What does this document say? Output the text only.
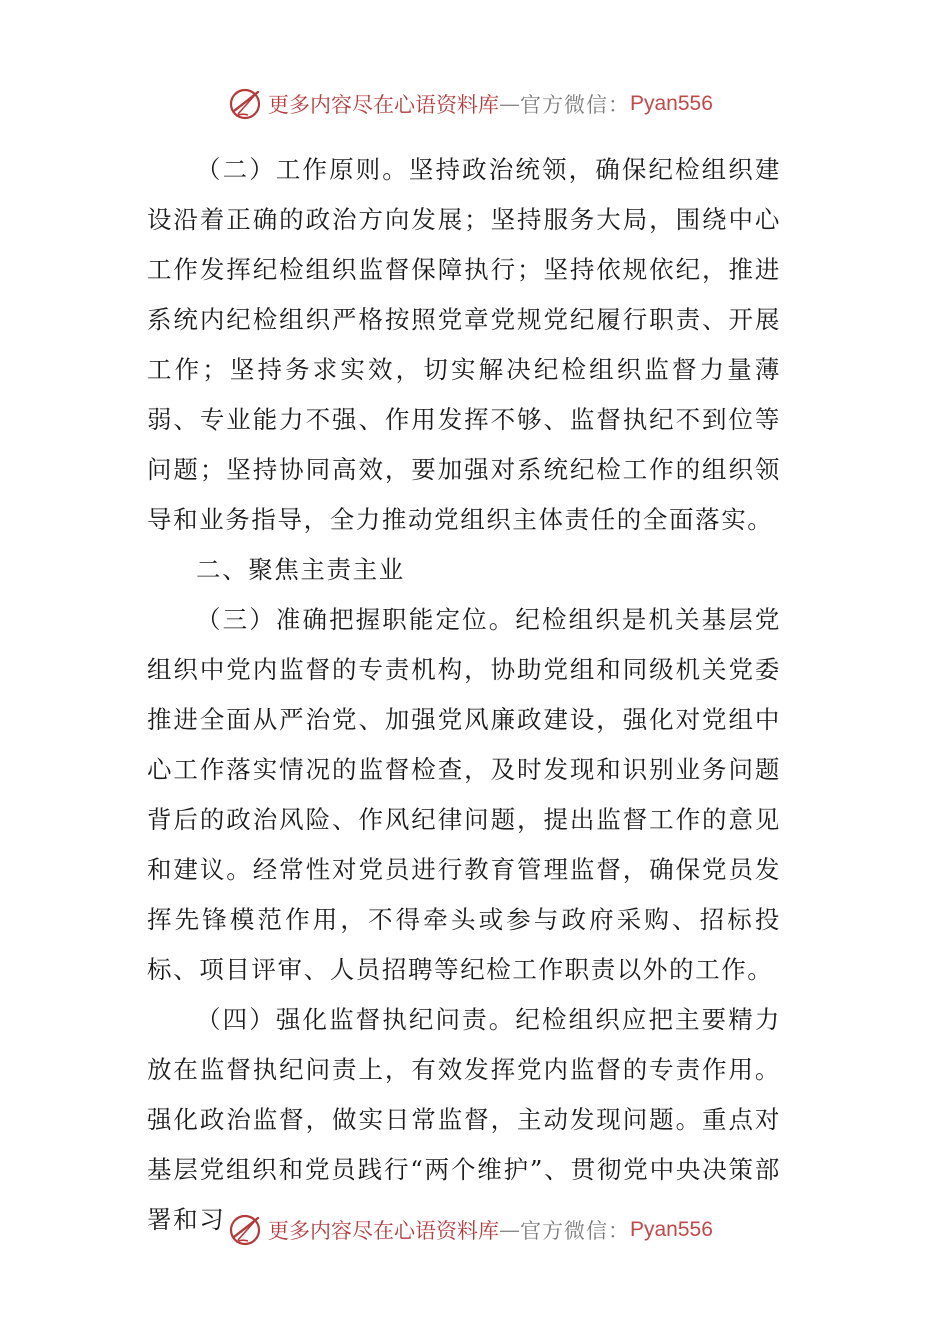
更多内容尽在心语资料库 — 官方微信： Pyan556

（二）工作原则。坚持政治统领，确保纪检组织建设沿着正确的政治方向发展；坚持服务大局，围绕中心工作发挥纪检组织监督保障执行；坚持依规依纪，推进系统内纪检组织严格按照党章党规党纪履行职责、开展工作；坚持务求实效，切实解决纪检组织监督力量薄弱、专业能力不强、作用发挥不够、监督执纪不到位等问题；坚持协同高效，要加强对系统纪检工作的组织领导和业务指导，全力推动党组织主体责任的全面落实。

二、聚焦主责主业

（三）准确把握职能定位。纪检组织是机关基层党组织中党内监督的专责机构，协助党组和同级机关党委推进全面从严治党、加强党风廉政建设，强化对党组中心工作落实情况的监督检查，及时发现和识别业务问题背后的政治风险、作风纪律问题，提出监督工作的意见和建议。经常性对党员进行教育管理监督，确保党员发挥先锋模范作用，不得牵头或参与政府采购、招标投标、项目评审、人员招聘等纪检工作职责以外的工作。

（四）强化监督执纪问责。纪检组织应把主要精力放在监督执纪问责上，有效发挥党内监督的专责作用。强化政治监督，做实日常监督，主动发现问题。重点对基层党组织和党员践行“两个维护”、贯彻党中央决策部署和习	更多内容尽在心语资料库 — 官方微信： Pyan556
